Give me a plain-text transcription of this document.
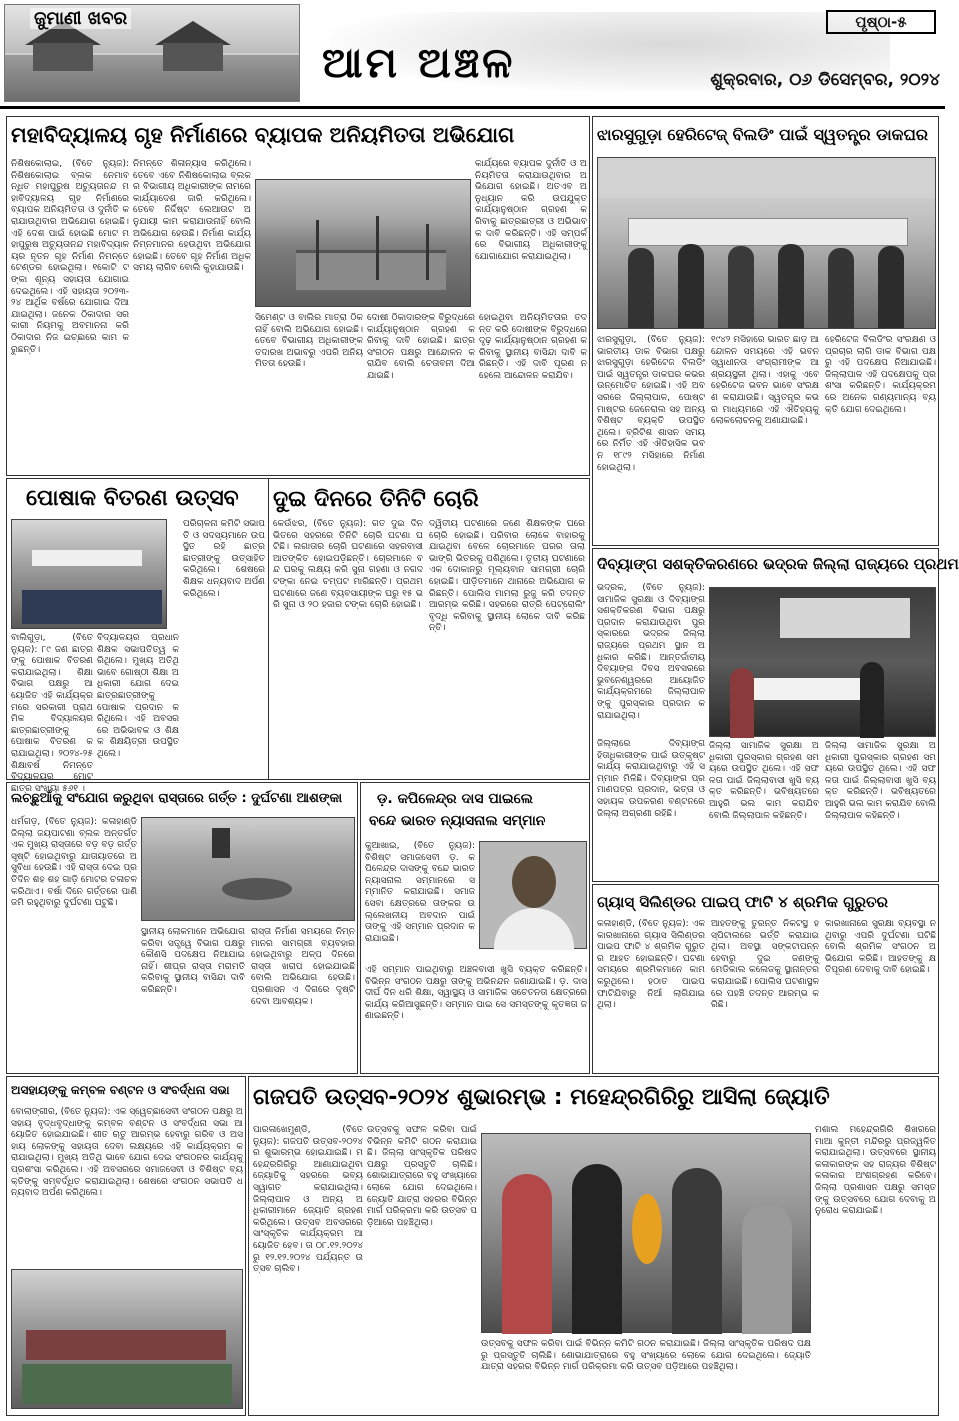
ଜୁମାଣୀ ଖବର
ଆମ ଅଞ୍ଚଳ
ପୃଷ୍ଠା-୫
ଶୁକ୍ରବାର, ୦୬ ଡିସେମ୍ବର, ୨୦୨୪
ମହାବିଦ୍ୟାଳୟ ଗୃହ ନିର୍ମାଣରେ ବ୍ୟାପକ ଅନିୟମିତତା ଅଭିଯୋଗ
ନିଶିଷକୋଲାଇ, (ବିତେ ନ୍ୟୁଜ): ନିଶିଷକୋଲାଇ ବ୍ଲକ ନେମାବନ୍ଧିତ ମହାପୁରୁଷ ଅଚ୍ୟୁତାନନ୍ଦ ମହାବିଦ୍ୟାଳୟ ଗୃହ ନିର୍ମାଣରେ ବ୍ୟାପକ ଅନିୟମିତତା ଓ ଦୁର୍ନୀତି କରାଯାଉଥିବାର ଅଭିଯୋଗ ହୋଇଛି। ଏହି ଦେଶ ପାଇଁ ହୋଇଛି ମୋଟ ମହାପୁରୁଷ ଅଚ୍ୟୁତାନନ୍ଦ ମହାବିଦ୍ୟାଳୟର ନୂତନ ଗୃହ ନିର୍ମାଣ ନିମନ୍ତେ ଟେଣ୍ଡର ହୋଇଥିଲା। ୧କୋଟି ଟଙ୍କା ଶୂନ୍ୟ ସହାୟତା ଯୋଗାଇ ଦେଇଥିଲେ। ଏହି ସହାୟତା ୨୦୨୩-୨୪ ଆର୍ଥିକ ବର୍ଷରେ ଯୋଗାଇ ଦିଆଯାଇଥିଲା। ଜନେକ ଠିକାଦାର ସରକାରୀ ନିୟମକୁ ଅବମାନନା କରି ଠିକାଦାର ନିଜ ଇଚ୍ଛାରେ କାମ କରୁଛନ୍ତି।
ନିମନ୍ତେ ଶିଳାନ୍ୟାସ କରିଥିଲେ। ତେବେ ଏବେ ନିଶିଷକୋଲାଇ ବ୍ଲକର ବିଭାଗୀୟ ଅଧିକାରୀଙ୍କ ନାମରେ କାର୍ଯ୍ୟାଦେଶ ଜାରି କରିଥିଲେ। ତେବେ ନିର୍ଦ୍ଦିଷ୍ଟ ଲେଆଉଟ ଅନୁଯାୟୀ କାମ କରାଯାଉନାହିଁ ବୋଲି ଅଭିଯୋଗ ହେଉଛି। ନିର୍ମାଣ କାର୍ଯ୍ୟ ନିମ୍ନମାନର ହେଉଥିବା ଅଭିଯୋଗ ହୋଇଛି। ତେବେ ଗୃହ ନିର୍ମାଣ ଅଧିକ ସମୟ ଲାଗିବ ବୋଲି କୁହାଯାଉଛି।
କାର୍ଯ୍ୟରେ ବ୍ୟାପକ ଦୁର୍ନୀତି ଓ ଅନିୟମିତତା କରାଯାଉଥିବାର ଅଭିଯୋଗ ହୋଇଛି। ଅତଏବ ଅନୁଧ୍ୟାନ କରି ଉପଯୁକ୍ତ କାର୍ଯ୍ୟାନୁଷ୍ଠାନ ଗ୍ରହଣ କରିବାକୁ ଛାତ୍ରଛାତ୍ରୀ ଓ ଅଭିଭାବକ ଦାବି କରିଛନ୍ତି। ଏହି ସମ୍ପର୍କରେ ବିଭାଗୀୟ ଅଧିକାରୀଙ୍କୁ ଯୋଗାଯୋଗ କରାଯାଇଥିଲା।
ସିମେଣ୍ଟ ଓ ବାଲିର ମାତ୍ରା ଠିକ ନାହିଁ ବୋଲି ଅଭିଯୋଗ ହୋଇଛି। ତେବେ ବିଭାଗୀୟ ଅଧିକାରୀଙ୍କ ତଦାରଖ ଅଭାବରୁ ଏପରି ଅନିୟମିତତା ହେଉଛି।
ଦୋଷୀ ଠିକାଦାରଙ୍କ ବିରୁଦ୍ଧରେ କାର୍ଯ୍ୟାନୁଷ୍ଠାନ ଗ୍ରହଣ କରିବାକୁ ଦାବି ହୋଇଛି। ଛାତ୍ର ସଂଗଠନ ପକ୍ଷରୁ ଆନ୍ଦୋଳନ କରାଯିବ ବୋଲି ଚେତାବନୀ ଦିଆଯାଇଛି।
ହୋଇଥିବା ଅନିୟମିତତାର ତଦନ୍ତ କରି ଦୋଷୀଙ୍କ ବିରୁଦ୍ଧରେ ଦୃଢ଼ କାର୍ଯ୍ୟାନୁଷ୍ଠାନ ଗ୍ରହଣ କରିବାକୁ ସ୍ଥାନୀୟ ବାସିନ୍ଦା ଦାବି କରିଛନ୍ତି। ଏହି ଦାବି ପୂରଣ ନହେଲେ ଆନ୍ଦୋଳନ କରାଯିବ।
ଝାରସୁଗୁଡ଼ା ହେରିଟେଜ୍ ବିଲଡିଂ ପାଇଁ ସ୍ୱତନ୍ତ୍ର ଡାକଘର
ଝାରସୁଗୁଡ଼ା, (ବିତେ ନ୍ୟୁଜ): ଭାରତୀୟ ଡାକ ବିଭାଗ ପକ୍ଷରୁ ଝାରସୁଗୁଡ଼ା ହେରିଟେଜ ବିଲଡିଂ ପାଇଁ ସ୍ୱତନ୍ତ୍ର ଡାକଘର କଭର ଉନ୍ମୋଚିତ ହୋଇଛି। ଏହି ଅବସରରେ ଜିଲ୍ଲାପାଳ, ପୋଷ୍ଟମାଷ୍ଟର ଜେନେରାଲ ସହ ଅନ୍ୟ ବିଶିଷ୍ଟ ବ୍ୟକ୍ତି ଉପସ୍ଥିତ ଥିଲେ। ବ୍ରିଟିଶ ଶାସନ ସମୟରେ ନିର୍ମିତ ଏହି ଐତିହାସିକ ଭବନ ୧୮୯୨ ମସିହାରେ ନିର୍ମାଣ ହୋଇଥିଲା।
୧୯୪୨ ମସିହାରେ ଭାରତ ଛାଡ଼ ଆନ୍ଦୋଳନ ସମୟରେ ଏହି ଭବନ ସ୍ୱାଧୀନତା ସଂଗ୍ରାମୀଙ୍କ ଆଶ୍ରୟସ୍ଥଳୀ ଥିଲା। ଏହାକୁ ଏବେ ହେରିଟେଜ ଭବନ ଭାବେ ସଂରକ୍ଷଣ କରାଯାଉଛି। ସ୍ୱତନ୍ତ୍ର କଭର ମାଧ୍ୟମରେ ଏହି ଐତିହ୍ୟକୁ ଲୋକଲୋଚନକୁ ଅଣାଯାଇଛି।
ହେରିଟେଜ ବିଲଡିଂର ସଂରକ୍ଷଣ ଓ ପ୍ରଚାର ଲାଗି ଡାକ ବିଭାଗ ପକ୍ଷରୁ ଏହି ପଦକ୍ଷେପ ନିଆଯାଇଛି। ଜିଲ୍ଲାପାଳ ଏହି ପଦକ୍ଷେପକୁ ପ୍ରଶଂସା କରିଛନ୍ତି। କାର୍ଯ୍ୟକ୍ରମରେ ଅନେକ ଗଣ୍ୟମାନ୍ୟ ବ୍ୟକ୍ତି ଯୋଗ ଦେଇଥିଲେ।
ବାଲିଗୁଡ଼ା, (ବିତେ ନ୍ୟୁଜ): ୮୯ ଜଣ ଛାତ୍ରଙ୍କୁ ପୋଷାକ ବିତରଣ କରାଯାଇଥିଲା। ଶିକ୍ଷା ବିଭାଗ ପକ୍ଷରୁ ଆୟୋଜିତ ଏହି କାର୍ଯ୍ୟକ୍ରମରେ ସରକାରୀ ପ୍ରାଥମିକ ବିଦ୍ୟାଳୟର ଛାତ୍ରଛାତ୍ରୀଙ୍କୁ ପୋଷାକ ବିତରଣ କରାଯାଇଥିଲା। ୨୦୨୪-୨୫ ଶିକ୍ଷାବର୍ଷ ନିମନ୍ତେ ବିଦ୍ୟାଳୟର ମୋଟ ଛାତ୍ର ସଂଖ୍ୟା ୫୬୧ ।
ବିଦ୍ୟାଳୟର ପ୍ରଧାନଶିକ୍ଷକ ସଭାପତିତ୍ୱ କରିଥିଲେ। ମୁଖ୍ୟ ଅତିଥି ଭାବେ ଗୋଷ୍ଠୀ ଶିକ୍ଷା ଅଧିକାରୀ ଯୋଗ ଦେଇ ଛାତ୍ରଛାତ୍ରୀଙ୍କୁ ପୋଷାକ ପ୍ରଦାନ କରିଥିଲେ। ଏହି ଅବସରରେ ଅଭିଭାବକ ଓ ଶିକ୍ଷକ ଶିକ୍ଷୟିତ୍ରୀ ଉପସ୍ଥିତ ଥିଲେ।
ପରିଚାଳନା କମିଟି ସଭାପତି ଓ ସଦସ୍ୟମାନେ ଉପସ୍ଥିତ ରହି ଛାତ୍ରଛାତ୍ରୀଙ୍କୁ ଉତ୍ସାହିତ କରିଥିଲେ। ଶେଷରେ ଶିକ୍ଷକ ଧନ୍ୟବାଦ ଅର୍ପଣ କରିଥିଲେ।
ପୋଷାକ ବିତରଣ ଉତ୍ସବ	ଦୁଇ ଦିନରେ ତିନିଟି ଚୋରି
କେଉଁଝର, (ବିତେ ନ୍ୟୁଜ): ଗତ ଦୁଇ ଦିନ ଭିତରେ ସହରରେ ତିନିଟି ଚୋରି ଘଟଣା ଘଟିଛି। ଲଗାତାର ଚୋରି ଘଟଣାରେ ସହରବାସୀ ଆତଙ୍କିତ ହୋଇପଡ଼ିଛନ୍ତି। ଚୋରମାନେ ବନ୍ଦ ଘରକୁ ଲକ୍ଷ୍ୟ କରି ସୁନା ଗହଣା ଓ ନଗଦ ଟଙ୍କା ନେଇ ଚମ୍ପଟ ମାରିଛନ୍ତି। ପ୍ରଥମ ଘଟଣାରେ ଜଣେ ବ୍ୟବସାୟୀଙ୍କ ଘରୁ ୧୫ ଭରି ସୁନା ଓ ୨୦ ହଜାର ଟଙ୍କା ଚୋରି ହୋଇଛି।
ଦ୍ୱିତୀୟ ଘଟଣାରେ ଜଣେ ଶିକ୍ଷକଙ୍କ ଘରେ ଚୋରି ହୋଇଛି। ପରିବାର ଲୋକେ ବାହାରକୁ ଯାଇଥିବା ବେଳେ ଚୋରମାନେ ଘରର ତାଲା ଭାଙ୍ଗି ଭିତରକୁ ପଶିଥିଲେ। ତୃତୀୟ ଘଟଣାରେ ଏକ ଦୋକାନରୁ ମୂଲ୍ୟବାନ ସାମଗ୍ରୀ ଚୋରି ହୋଇଛି। ପୀଡ଼ିତମାନେ ଥାନାରେ ଅଭିଯୋଗ କରିଛନ୍ତି। ପୋଲିସ ମାମଲା ରୁଜୁ କରି ତଦନ୍ତ ଆରମ୍ଭ କରିଛି। ସହରରେ ରାତ୍ରି ପେଟ୍ରୋଲିଂ ବୃଦ୍ଧି କରିବାକୁ ସ୍ଥାନୀୟ ଲୋକେ ଦାବି କରିଛନ୍ତି।
ଦିବ୍ୟାଙ୍ଗ ସଶକ୍ତିକରଣରେ ଭଦ୍ରକ ଜିଲ୍ଲା ରାଜ୍ୟରେ ପ୍ରଥମ
ଭଦ୍ରକ, (ବିତେ ନ୍ୟୁଜ): ସାମାଜିକ ସୁରକ୍ଷା ଓ ଦିବ୍ୟାଙ୍ଗ ସଶକ୍ତିକରଣ ବିଭାଗ ପକ୍ଷରୁ ପ୍ରଦାନ କରାଯାଉଥିବା ପୁରସ୍କାରରେ ଭଦ୍ରକ ଜିଲ୍ଲା ରାଜ୍ୟରେ ପ୍ରଥମ ସ୍ଥାନ ଅଧିକାର କରିଛି। ଆନ୍ତର୍ଜାତୀୟ ଦିବ୍ୟାଙ୍ଗ ଦିବସ ଅବସରରେ ଭୁବନେଶ୍ୱରରେ ଆୟୋଜିତ କାର୍ଯ୍ୟକ୍ରମରେ ଜିଲ୍ଲାପାଳଙ୍କୁ ପୁରସ୍କାର ପ୍ରଦାନ କରାଯାଇଥିଲା।
ଜିଲ୍ଲାରେ ଦିବ୍ୟାଙ୍ଗ ହିତାଧିକାରୀଙ୍କ ପାଇଁ ଉତ୍କୃଷ୍ଟ କାର୍ଯ୍ୟ କରାଯାଇଥିବାରୁ ଏହି ସମ୍ମାନ ମିଳିଛି। ଦିବ୍ୟାଙ୍ଗ ପ୍ରମାଣପତ୍ର ପ୍ରଦାନ, ଭତ୍ତା ଓ ସହାୟକ ଉପକରଣ ବଣ୍ଟନରେ ଜିଲ୍ଲା ଅଗ୍ରଣୀ ରହିଛି।
ଜିଲ୍ଲା ସାମାଜିକ ସୁରକ୍ଷା ଅଧିକାରୀ ପୁରସ୍କାର ଗ୍ରହଣ ସମୟରେ ଉପସ୍ଥିତ ଥିଲେ। ଏହି ସଫଳତା ପାଇଁ ଜିଲ୍ଲାବାସୀ ଖୁସି ବ୍ୟକ୍ତ କରିଛନ୍ତି। ଭବିଷ୍ୟତରେ ଆହୁରି ଭଲ କାମ କରାଯିବ ବୋଲି ଜିଲ୍ଲାପାଳ କହିଛନ୍ତି।
ଜିଲ୍ଲା ସାମାଜିକ ସୁରକ୍ଷା ଅଧିକାରୀ ପୁରସ୍କାର ଗ୍ରହଣ ସମୟରେ ଉପସ୍ଥିତ ଥିଲେ। ଏହି ସଫଳତା ପାଇଁ ଜିଲ୍ଲାବାସୀ ଖୁସି ବ୍ୟକ୍ତ କରିଛନ୍ତି। ଭବିଷ୍ୟତରେ ଆହୁରି ଭଲ କାମ କରାଯିବ ବୋଲି ଜିଲ୍ଲାପାଳ କହିଛନ୍ତି।
ଲଚ୍ଛୁଆଁକୁ ସଂଯୋଗ କରୁଥିବା ରାସ୍ତାରେ ଗର୍ତ୍ତ : ଦୁର୍ଘଟଣା ଆଶଙ୍କା
ଧର୍ମଗଡ଼, (ବିତେ ନ୍ୟୁଜ): କଳାହାଣ୍ଡି ଜିଲ୍ଲା ଜୟପାଟଣା ବ୍ଲକ ଅନ୍ତର୍ଗତ ଏକ ମୁଖ୍ୟ ରାସ୍ତାରେ ବଡ଼ ବଡ଼ ଗର୍ତ୍ତ ସୃଷ୍ଟି ହୋଇଥିବାରୁ ଯାତାୟାତରେ ଅସୁବିଧା ହେଉଛି। ଏହି ରାସ୍ତା ଦେଇ ପ୍ରତିଦିନ ଶହ ଶହ ଗାଡ଼ି ମୋଟର ଚଳାଚଳ କରିଥାଏ। ବର୍ଷା ଦିନେ ଗର୍ତ୍ତରେ ପାଣି ଜମି ରହୁଥିବାରୁ ଦୁର୍ଘଟଣା ଘଟୁଛି।
ସ୍ଥାନୀୟ ଲୋକମାନେ ଅଭିଯୋଗ କରିବା ସତ୍ତ୍ୱେ ବିଭାଗ ପକ୍ଷରୁ କୌଣସି ପଦକ୍ଷେପ ନିଆଯାଇନାହିଁ। ଶୀଘ୍ର ରାସ୍ତା ମରାମତି କରିବାକୁ ସ୍ଥାନୀୟ ବାସିନ୍ଦା ଦାବି କରିଛନ୍ତି।
ରାସ୍ତା ନିର୍ମାଣ ସମୟରେ ନିମ୍ନମାନର ସାମଗ୍ରୀ ବ୍ୟବହାର ହୋଇଥିବାରୁ ଅଳ୍ପ ଦିନରେ ରାସ୍ତା ଖରାପ ହୋଇଯାଇଛି ବୋଲି ଅଭିଯୋଗ ହେଉଛି। ପ୍ରଶାସନ ଏ ଦିଗରେ ଦୃଷ୍ଟି ଦେବା ଆବଶ୍ୟକ।
ଡ଼. କପିଳେନ୍ଦ୍ର ଦାସ ପାଇଲେ
ବନ୍ଦେ ଭାରତ ନ୍ୟାସନାଲ ସମ୍ମାନ
କୁଆଖାଇ, (ବିତେ ନ୍ୟୁଜ): ବିଶିଷ୍ଟ ସମାଜସେବୀ ଡ଼. କପିଳେନ୍ଦ୍ର ଦାସଙ୍କୁ ବନ୍ଦେ ଭାରତ ନ୍ୟାସନାଲ ସମ୍ମାନରେ ସମ୍ମାନିତ କରାଯାଇଛି। ସମାଜ ସେବା କ୍ଷେତ୍ରରେ ତାଙ୍କର ଉଲ୍ଲେଖନୀୟ ଅବଦାନ ପାଇଁ ତାଙ୍କୁ ଏହି ସମ୍ମାନ ପ୍ରଦାନ କରାଯାଇଛି।
ଏହି ସମ୍ମାନ ପାଇଥିବାରୁ ଅଞ୍ଚଳବାସୀ ଖୁସି ବ୍ୟକ୍ତ କରିଛନ୍ତି। ବିଭିନ୍ନ ସଂଗଠନ ପକ୍ଷରୁ ତାଙ୍କୁ ଅଭିନନ୍ଦନ ଜଣାଯାଇଛି। ଡ଼. ଦାସ ଦୀର୍ଘ ଦିନ ଧରି ଶିକ୍ଷା, ସ୍ୱାସ୍ଥ୍ୟ ଓ ସାମାଜିକ ସଚେତନତା କ୍ଷେତ୍ରରେ କାର୍ଯ୍ୟ କରିଆସୁଛନ୍ତି। ସମ୍ମାନ ପାଇ ସେ ସମସ୍ତଙ୍କୁ କୃତଜ୍ଞତା ଜଣାଇଛନ୍ତି।
ଗ୍ୟାସ୍ ସିଲିଣ୍ଡର ପାଇପ୍ ଫାଟି ୪ ଶ୍ରମିକ ଗୁରୁତର
କଳାହାଣ୍ଡି, (ବିତେ ନ୍ୟୁଜ): ଏକ କାରଖାନାରେ ଗ୍ୟାସ ସିଲିଣ୍ଡର ପାଇପ ଫାଟି ୪ ଶ୍ରମିକ ଗୁରୁତର ଆହତ ହୋଇଛନ୍ତି। ଘଟଣା ସମୟରେ ଶ୍ରମିକମାନେ କାମ କରୁଥିଲେ। ହଠାତ ପାଇପ ଫାଟିଯିବାରୁ ନିଆଁ ଲାଗିଯାଇଥିଲା।
ଆହତଙ୍କୁ ତୁରନ୍ତ ନିକଟସ୍ଥ ହସ୍ପିଟାଲରେ ଭର୍ତ୍ତି କରାଯାଇଥିଲା। ଅବସ୍ଥା ସଙ୍କଟାପନ୍ନ ହେବାରୁ ଦୁଇ ଜଣଙ୍କୁ ମେଡିକାଲ କଲେଜକୁ ସ୍ଥାନାନ୍ତର କରାଯାଇଛି। ପୋଲିସ ଘଟଣାସ୍ଥଳରେ ପହଞ୍ଚି ତଦନ୍ତ ଆରମ୍ଭ କରିଛି।
କାରଖାନାରେ ସୁରକ୍ଷା ବ୍ୟବସ୍ଥା ନଥିବାରୁ ଏପରି ଦୁର୍ଘଟଣା ଘଟିଛି ବୋଲି ଶ୍ରମିକ ସଂଗଠନ ଅଭିଯୋଗ କରିଛି। ଆହତଙ୍କୁ କ୍ଷତିପୂରଣ ଦେବାକୁ ଦାବି ହୋଇଛି।
ଅସହାୟଙ୍କୁ କମ୍ବଳ ବଣ୍ଟନ ଓ ସଂବର୍ଦ୍ଧନା ସଭା
ବୋଲାଙ୍ଗୀର, (ବିତେ ନ୍ୟୁଜ): ଏକ ସ୍ୱେଚ୍ଛାସେବୀ ସଂଗଠନ ପକ୍ଷରୁ ଅସହାୟ ବୃଦ୍ଧବୃଦ୍ଧାଙ୍କୁ କମ୍ବଳ ବଣ୍ଟନ ଓ ସଂବର୍ଦ୍ଧନା ସଭା ଆୟୋଜିତ ହୋଇଯାଇଛି। ଶୀତ ଋତୁ ଆରମ୍ଭ ହେବାରୁ ଗରିବ ଓ ଅସହାୟ ଲୋକଙ୍କୁ ସହାୟତା ଦେବା ଲକ୍ଷ୍ୟରେ ଏହି କାର୍ଯ୍ୟକ୍ରମ କରାଯାଇଥିଲା। ମୁଖ୍ୟ ଅତିଥି ଭାବେ ଯୋଗ ଦେଇ ସଂଗଠନର କାର୍ଯ୍ୟକୁ ପ୍ରଶଂସା କରିଥିଲେ। ଏହି ଅବସରରେ ସମାଜସେବୀ ଓ ବିଶିଷ୍ଟ ବ୍ୟକ୍ତିଙ୍କୁ ସମ୍ବର୍ଦ୍ଧିତ କରାଯାଇଥିଲା। ଶେଷରେ ସଂଗଠନ ସଭାପତି ଧନ୍ୟବାଦ ଅର୍ପଣ କରିଥିଲେ।
ଗଜପତି ଉତ୍ସବ-୨୦୨୪ ଶୁଭାରମ୍ଭ : ମହେନ୍ଦ୍ରଗିରିରୁ ଆସିଲା ଜ୍ୟୋତି
ପାରଳାଖେମୁଣ୍ଡି, (ବିତେ ନ୍ୟୁଜ): ଗଜପତି ଉତ୍ସବ-୨୦୨୪ ର ଶୁଭାରମ୍ଭ ହୋଇଯାଇଛି। ମହେନ୍ଦ୍ରଗିରିରୁ ଆଣାଯାଇଥିବା ଜ୍ୟୋତିକୁ ସହରରେ ଭବ୍ୟ ସ୍ୱାଗତ କରାଯାଇଥିଲା। ଜିଲ୍ଲାପାଳ ଓ ଅନ୍ୟ ଅଧିକାରୀମାନେ ଜ୍ୟୋତି ଗ୍ରହଣ କରିଥିଲେ। ଉତ୍ସବ ଅବସରରେ ସାଂସ୍କୃତିକ କାର୍ଯ୍ୟକ୍ରମ ଆୟୋଜିତ ହେବ। ତା ୦୮.୧୨.୨୦୨୪ ରୁ ୧୨.୧୨.୨୦୨୪ ପର୍ଯ୍ୟନ୍ତ ଉତ୍ସବ ଚାଲିବ।
ଉତ୍ସବକୁ ସଫଳ କରିବା ପାଇଁ ବିଭିନ୍ନ କମିଟି ଗଠନ କରାଯାଇଛି। ଜିଲ୍ଲା ସାଂସ୍କୃତିକ ପରିଷଦ ପକ୍ଷରୁ ପ୍ରସ୍ତୁତି ଚାଲିଛି। ଶୋଭାଯାତ୍ରାରେ ବହୁ ସଂଖ୍ୟାରେ ଲୋକେ ଯୋଗ ଦେଇଥିଲେ। ଜ୍ୟୋତି ଯାତ୍ରା ସହରର ବିଭିନ୍ନ ମାର୍ଗ ପରିକ୍ରମା କରି ଉତ୍ସବ ପଡ଼ିଆରେ ପହଞ୍ଚିଥିଲା।
ମଶାଲ ମହେନ୍ଦ୍ରଗିରି ଶିଖରରେ ମାଆ କୁନ୍ତୀ ମନ୍ଦିରରୁ ପ୍ରଜ୍ୱଳିତ କରାଯାଇଥିଲା। ଉତ୍ସବରେ ସ୍ଥାନୀୟ କଳାକାରଙ୍କ ସହ ରାଜ୍ୟର ବିଶିଷ୍ଟ କଳାକାର ଅଂଶଗ୍ରହଣ କରିବେ। ଜିଲ୍ଲା ପ୍ରଶାସନ ପକ୍ଷରୁ ସମସ୍ତଙ୍କୁ ଉତ୍ସବରେ ଯୋଗ ଦେବାକୁ ଅନୁରୋଧ କରାଯାଇଛି।
ଉତ୍ସବକୁ ସଫଳ କରିବା ପାଇଁ ବିଭିନ୍ନ କମିଟି ଗଠନ କରାଯାଇଛି। ଜିଲ୍ଲା ସାଂସ୍କୃତିକ ପରିଷଦ ପକ୍ଷରୁ ପ୍ରସ୍ତୁତି ଚାଲିଛି। ଶୋଭାଯାତ୍ରାରେ ବହୁ ସଂଖ୍ୟାରେ ଲୋକେ ଯୋଗ ଦେଇଥିଲେ। ଜ୍ୟୋତି ଯାତ୍ରା ସହରର ବିଭିନ୍ନ ମାର୍ଗ ପରିକ୍ରମା କରି ଉତ୍ସବ ପଡ଼ିଆରେ ପହଞ୍ଚିଥିଲା।
